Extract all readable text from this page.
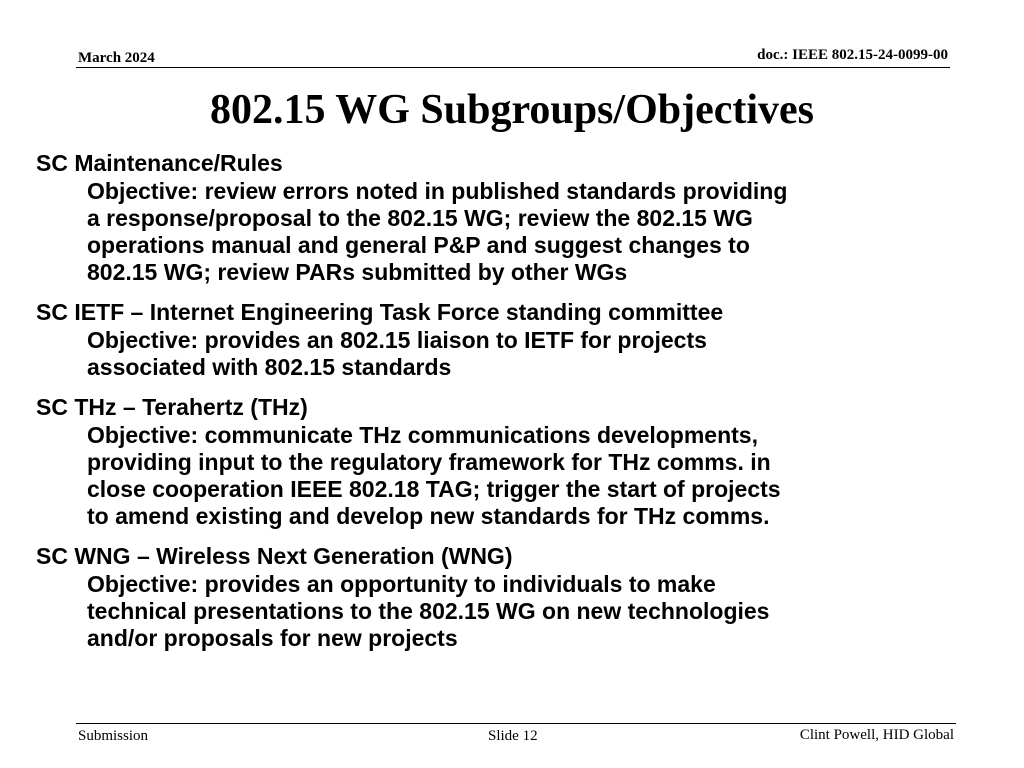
March 2024	doc.: IEEE 802.15-24-0099-00
802.15 WG Subgroups/Objectives
SC Maintenance/Rules
Objective: review errors noted in published standards providing
a response/proposal to the 802.15 WG; review the 802.15 WG
operations manual and general P&P and suggest changes to
802.15 WG; review PARs submitted by other WGs
SC IETF – Internet Engineering Task Force standing committee
Objective: provides an 802.15 liaison to IETF for projects
associated with 802.15 standards
SC THz – Terahertz (THz)
Objective: communicate THz communications developments,
providing input to the regulatory framework for THz comms. in
close cooperation IEEE 802.18 TAG; trigger the start of projects
to amend existing and develop new standards for THz comms.
SC WNG – Wireless Next Generation (WNG)
Objective: provides an opportunity to individuals to make
technical presentations to the 802.15 WG on new technologies
and/or proposals for new projects
Submission	Slide 12	Clint Powell, HID Global
